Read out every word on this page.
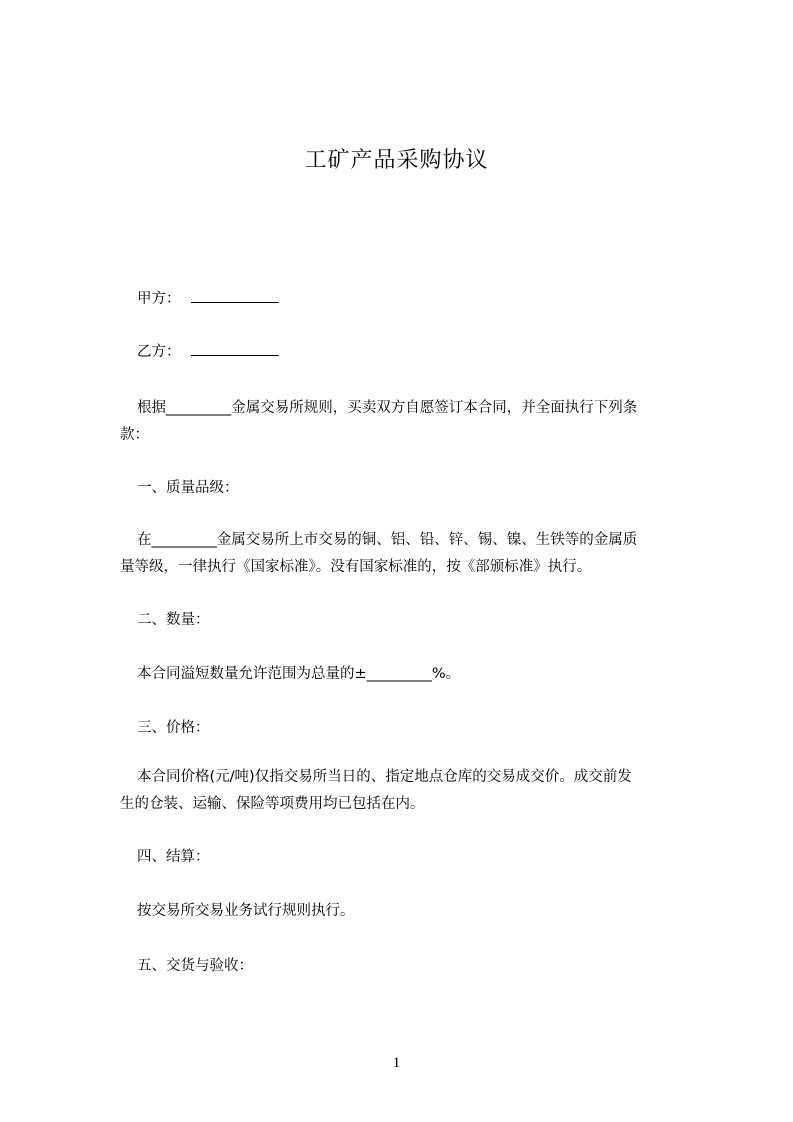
工矿产品采购协议
甲方：
乙方：
根据_________金属交易所规则，买卖双方自愿签订本合同，并全面执行下列条
款：
一、质量品级：
在_________金属交易所上市交易的铜、铝、铅、锌、锡、镍、生铁等的金属质
量等级，一律执行《国家标准》。没有国家标准的，按《部颁标准》执行。
二、数量：
本合同溢短数量允许范围为总量的±_________%。
三、价格：
本合同价格(元/吨)仅指交易所当日的、指定地点仓库的交易成交价。成交前发
生的仓装、运输、保险等项费用均已包括在内。
四、结算：
按交易所交易业务试行规则执行。
五、交货与验收：
1
